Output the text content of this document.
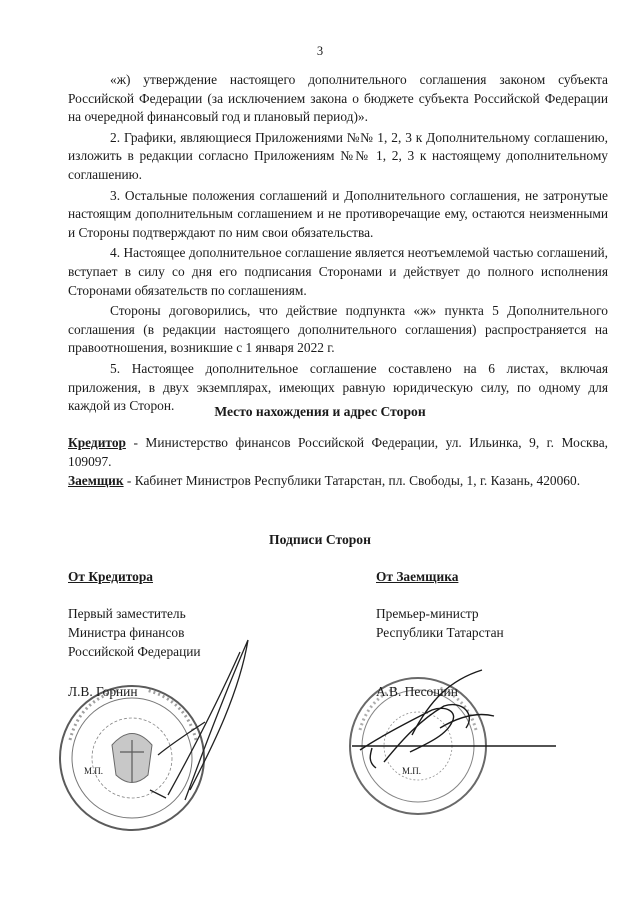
3

«ж) утверждение настоящего дополнительного соглашения законом субъекта Российской Федерации (за исключением закона о бюджете субъекта Российской Федерации на очередной финансовый год и плановый период)».

2. Графики, являющиеся Приложениями №№ 1, 2, 3 к Дополнительному соглашению, изложить в редакции согласно Приложениям №№ 1, 2, 3 к настоящему дополнительному соглашению.

3. Остальные положения соглашений и Дополнительного соглашения, не затронутые настоящим дополнительным соглашением и не противоречащие ему, остаются неизменными и Стороны подтверждают по ним свои обязательства.

4. Настоящее дополнительное соглашение является неотъемлемой частью соглашений, вступает в силу со дня его подписания Сторонами и действует до полного исполнения Сторонами обязательств по соглашениям.

Стороны договорились, что действие подпункта «ж» пункта 5 Дополнительного соглашения (в редакции настоящего дополнительного соглашения) распространяется на правоотношения, возникшие с 1 января 2022 г.

5. Настоящее дополнительное соглашение составлено на 6 листах, включая приложения, в двух экземплярах, имеющих равную юридическую силу, по одному для каждой из Сторон.	Место нахождения и адрес Сторон

Кредитор - Министерство финансов Российской Федерации, ул. Ильинка, 9, г. Москва, 109097.

Заемщик - Кабинет Министров Республики Татарстан, пл. Свободы, 1, г. Казань, 420060.

Подписи Сторон
От Кредитора
Первый заместитель
Министра финансов
Российской Федерации
Л.В. Горнин
М.П.
От Заемщика
Премьер-министр
Республики Татарстан
А.В. Песошин
М.П.
